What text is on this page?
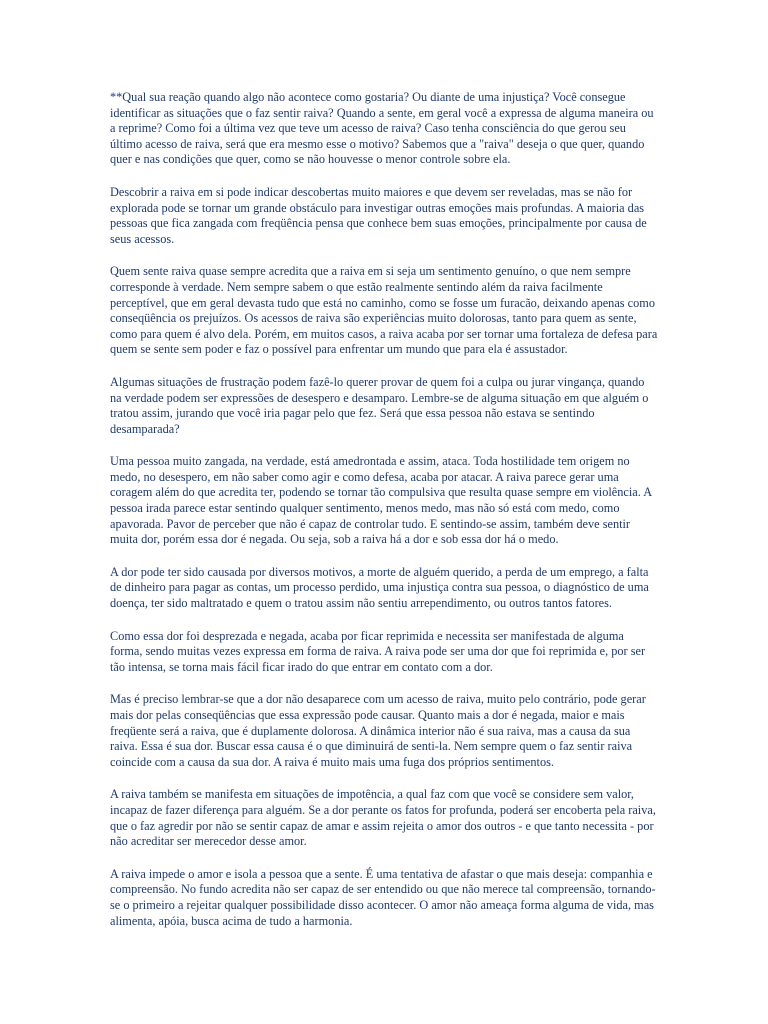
**Qual sua reação quando algo não acontece como gostaria? Ou diante de uma injustiça? Você consegue identificar as situações que o faz sentir raiva? Quando a sente, em geral você a expressa de alguma maneira ou a reprime? Como foi a última vez que teve um acesso de raiva? Caso tenha consciência do que gerou seu último acesso de raiva, será que era mesmo esse o motivo? Sabemos que a "raiva" deseja o que quer, quando quer e nas condições que quer, como se não houvesse o menor controle sobre ela.

Descobrir a raiva em si pode indicar descobertas muito maiores e que devem ser reveladas, mas se não for explorada pode se tornar um grande obstáculo para investigar outras emoções mais profundas. A maioria das pessoas que fica zangada com freqüência pensa que conhece bem suas emoções, principalmente por causa de seus acessos.

Quem sente raiva quase sempre acredita que a raiva em si seja um sentimento genuíno, o que nem sempre corresponde à verdade. Nem sempre sabem o que estão realmente sentindo além da raiva facilmente perceptível, que em geral devasta tudo que está no caminho, como se fosse um furacão, deixando apenas como conseqüência os prejuízos. Os acessos de raiva são experiências muito dolorosas, tanto para quem as sente, como para quem é alvo dela. Porém, em muitos casos, a raiva acaba por ser tornar uma fortaleza de defesa para quem se sente sem poder e faz o possível para enfrentar um mundo que para ela é assustador.

Algumas situações de frustração podem fazê-lo querer provar de quem foi a culpa ou jurar vingança, quando na verdade podem ser expressões de desespero e desamparo. Lembre-se de alguma situação em que alguém o tratou assim, jurando que você iria pagar pelo que fez. Será que essa pessoa não estava se sentindo desamparada?

Uma pessoa muito zangada, na verdade, está amedrontada e assim, ataca. Toda hostilidade tem origem no medo, no desespero, em não saber como agir e como defesa, acaba por atacar. A raiva parece gerar uma coragem além do que acredita ter, podendo se tornar tão compulsiva que resulta quase sempre em violência. A pessoa irada parece estar sentindo qualquer sentimento, menos medo, mas não só está com medo, como apavorada. Pavor de perceber que não é capaz de controlar tudo. E sentindo-se assim, também deve sentir muita dor, porém essa dor é negada. Ou seja, sob a raiva há a dor e sob essa dor há o medo.

A dor pode ter sido causada por diversos motivos, a morte de alguém querido, a perda de um emprego, a falta de dinheiro para pagar as contas, um processo perdido, uma injustiça contra sua pessoa, o diagnóstico de uma doença, ter sido maltratado e quem o tratou assim não sentiu arrependimento, ou outros tantos fatores.

Como essa dor foi desprezada e negada, acaba por ficar reprimida e necessita ser manifestada de alguma forma, sendo muitas vezes expressa em forma de raiva. A raiva pode ser uma dor que foi reprimida e, por ser tão intensa, se torna mais fácil ficar irado do que entrar em contato com a dor.

Mas é preciso lembrar-se que a dor não desaparece com um acesso de raiva, muito pelo contrário, pode gerar mais dor pelas conseqüências que essa expressão pode causar. Quanto mais a dor é negada, maior e mais freqüente será a raiva, que é duplamente dolorosa. A dinâmica interior não é sua raiva, mas a causa da sua raiva. Essa é sua dor. Buscar essa causa é o que diminuirá de senti-la. Nem sempre quem o faz sentir raiva coincide com a causa da sua dor. A raiva é muito mais uma fuga dos próprios sentimentos.

A raiva também se manifesta em situações de impotência, a qual faz com que você se considere sem valor, incapaz de fazer diferença para alguém. Se a dor perante os fatos for profunda, poderá ser encoberta pela raiva, que o faz agredir por não se sentir capaz de amar e assim rejeita o amor dos outros - e que tanto necessita - por não acreditar ser merecedor desse amor.

A raiva impede o amor e isola a pessoa que a sente. É uma tentativa de afastar o que mais deseja: companhia e compreensão. No fundo acredita não ser capaz de ser entendido ou que não merece tal compreensão, tornando-se o primeiro a rejeitar qualquer possibilidade disso acontecer. O amor não ameaça forma alguma de vida, mas alimenta, apóia, busca acima de tudo a harmonia.
